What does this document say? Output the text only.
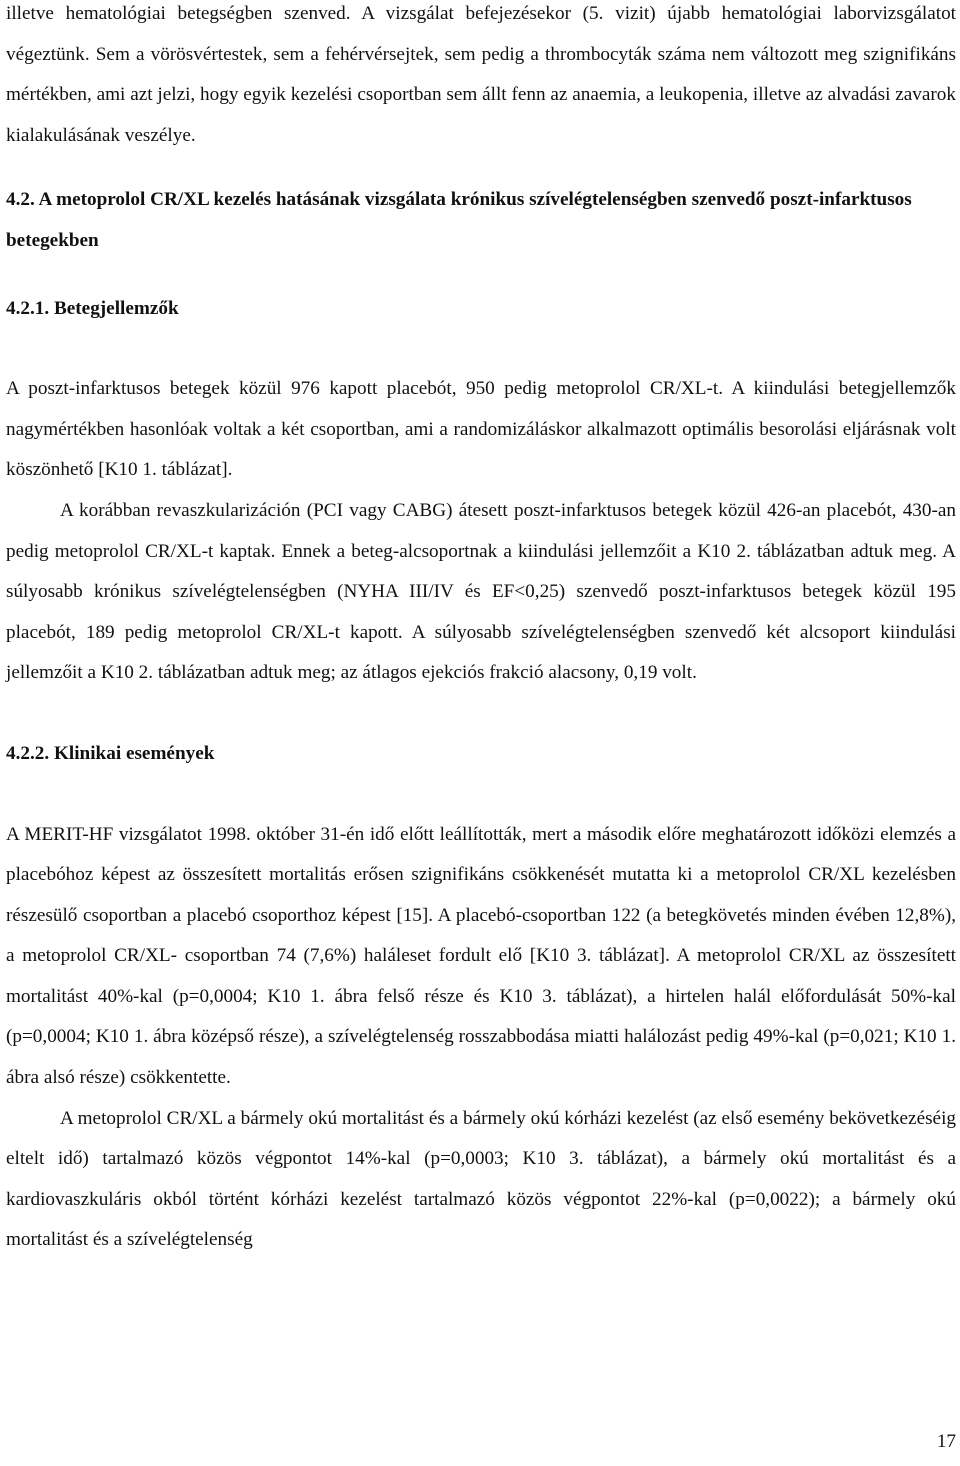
illetve hematológiai betegségben szenved. A vizsgálat befejezésekor (5. vizit) újabb hematológiai laborvizsgálatot végeztünk. Sem a vörösvértestek, sem a fehérvérsejtek, sem pedig a thrombocyták száma nem változott meg szignifikáns mértékben, ami azt jelzi, hogy egyik kezelési csoportban sem állt fenn az anaemia, a leukopenia, illetve az alvadási zavarok kialakulásának veszélye.

4.2. A metoprolol CR/XL kezelés hatásának vizsgálata krónikus szívelégtelenségben szenvedő poszt-infarktusos betegekben
4.2.1. Betegjellemzők

A poszt-infarktusos betegek közül 976 kapott placebót, 950 pedig metoprolol CR/XL-t. A kiindulási betegjellemzők nagymértékben hasonlóak voltak a két csoportban, ami a randomizáláskor alkalmazott optimális besorolási eljárásnak volt köszönhető [K10 1. táblázat].

A korábban revaszkularizáción (PCI vagy CABG) átesett poszt-infarktusos betegek közül 426-an placebót, 430-an pedig metoprolol CR/XL-t kaptak. Ennek a beteg-alcsoportnak a kiindulási jellemzőit a K10 2. táblázatban adtuk meg. A súlyosabb krónikus szívelégtelenségben (NYHA III/IV és EF<0,25) szenvedő poszt-infarktusos betegek közül 195 placebót, 189 pedig metoprolol CR/XL-t kapott. A súlyosabb szívelégtelenségben szenvedő két alcsoport kiindulási jellemzőit a K10 2. táblázatban adtuk meg; az átlagos ejekciós frakció alacsony, 0,19 volt.

4.2.2. Klinikai események

A MERIT-HF vizsgálatot 1998. október 31-én idő előtt leállították, mert a második előre meghatározott időközi elemzés a placebóhoz képest az összesített mortalitás erősen szignifikáns csökkenését mutatta ki a metoprolol CR/XL kezelésben részesülő csoportban a placebó csoporthoz képest [15]. A placebó-csoportban 122 (a betegkövetés minden évében 12,8%), a metoprolol CR/XL- csoportban 74 (7,6%) haláleset fordult elő [K10 3. táblázat]. A metoprolol CR/XL az összesített mortalitást 40%-kal (p=0,0004; K10 1. ábra felső része és K10 3. táblázat), a hirtelen halál előfordulását 50%-kal (p=0,0004; K10 1. ábra középső része), a szívelégtelenség rosszabbodása miatti halálozást pedig 49%-kal (p=0,021; K10 1. ábra alsó része) csökkentette.

A metoprolol CR/XL a bármely okú mortalitást és a bármely okú kórházi kezelést (az első esemény bekövetkezéséig eltelt idő) tartalmazó közös végpontot 14%-kal (p=0,0003; K10 3. táblázat), a bármely okú mortalitást és a kardiovaszkuláris okból történt kórházi kezelést tartalmazó közös végpontot 22%-kal (p=0,0022); a bármely okú mortalitást és a szívelégtelenség

17
